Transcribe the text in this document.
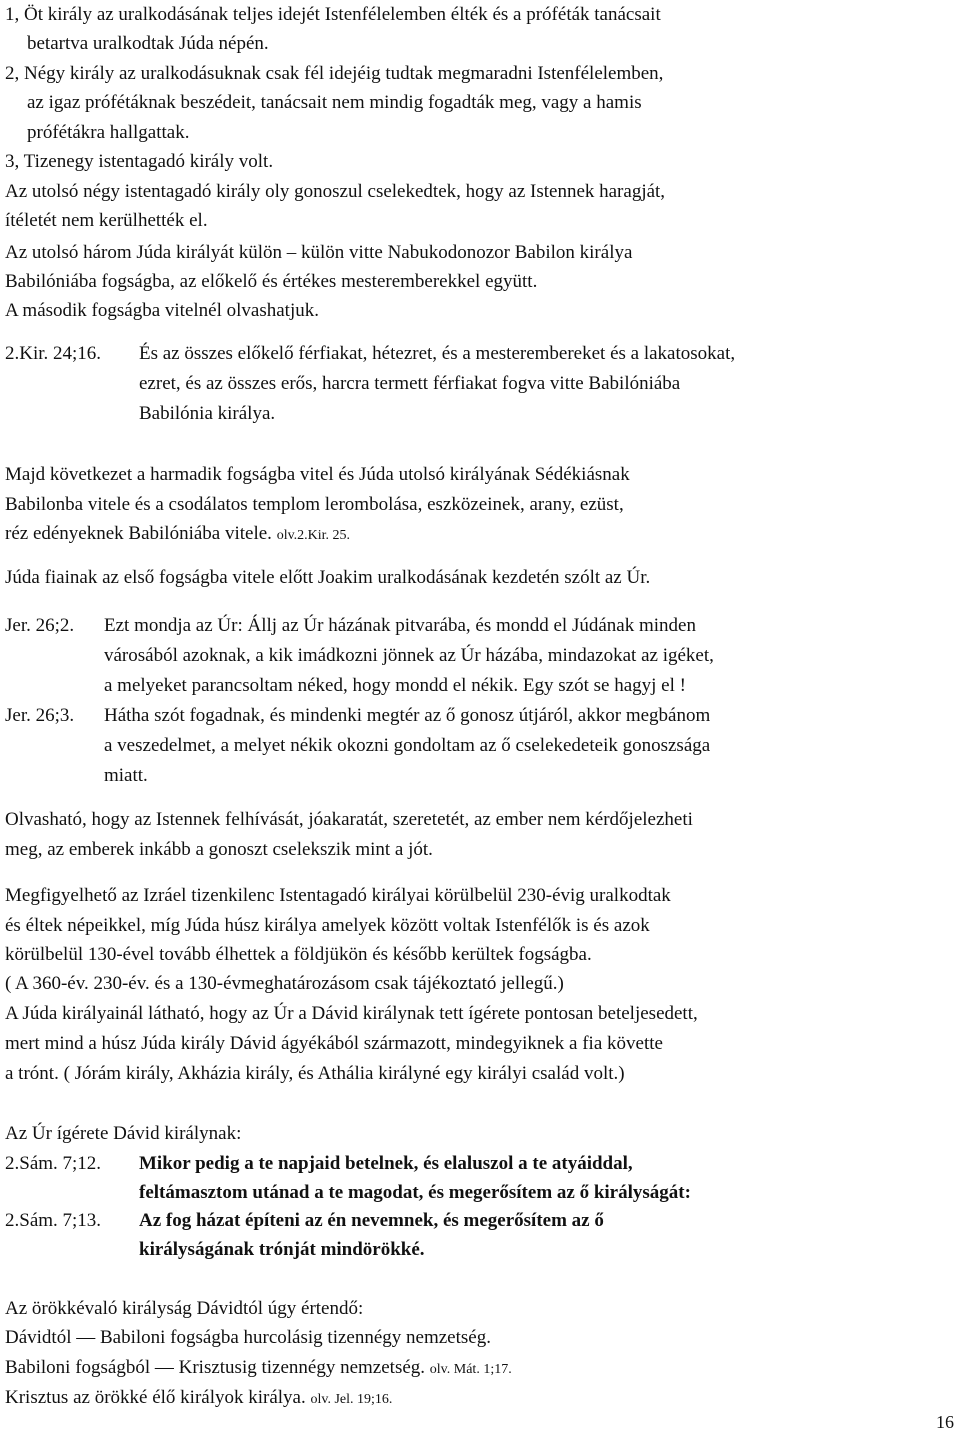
1, Öt király az uralkodásának teljes idejét Istenfélelemben élték és a próféták tanácsait
betartva uralkodtak Júda népén.
2, Négy király az uralkodásuknak csak fél idejéig tudtak megmaradni Istenfélelemben,
az igaz prófétáknak beszédeit, tanácsait nem mindig fogadták meg, vagy a hamis
prófétákra hallgattak.
3, Tizenegy istentagadó király volt.
Az utolsó négy istentagadó király oly gonoszul cselekedtek, hogy az Istennek haragját,
ítéletét nem kerülhették el.
Az utolsó három Júda királyát külön – külön vitte Nabukodonozor Babilon királya
Babilóniába fogságba, az előkelő és értékes mesteremberekkel együtt.
A második fogságba vitelnél olvashatjuk.
2.Kir. 24;16. És az összes előkelő férfiakat, hétezret, és a mesterembereket és a lakatosokat,
ezret, és az összes erős, harcra termett férfiakat fogva vitte Babilóniába
Babilónia királya.
Majd következet a harmadik fogságba vitel és Júda utolsó királyának Sédékiásnak
Babilonba vitele és a csodálatos templom lerombolása, eszközeinek, arany, ezüst,
réz edényeknek Babilóniába vitele. olv.2.Kir. 25.
Júda fiainak az első fogságba vitele előtt Joakim uralkodásának kezdetén szólt az Úr.
Jer. 26;2. Ezt mondja az Úr: Állj az Úr házának pitvarába, és mondd el Júdának minden
városából azoknak, a kik imádkozni jönnek az Úr házába, mindazokat az igéket,
a melyeket parancsoltam néked, hogy mondd el nékik. Egy szót se hagyj el !
Jer. 26;3. Hátha szót fogadnak, és mindenki megtér az ő gonosz útjáról, akkor megbánom
a veszedelmet, a melyet nékik okozni gondoltam az ő cselekedeteik gonoszsága
miatt.
Olvasható, hogy az Istennek felhívását, jóakaratát, szeretetét, az ember nem kérdőjelezheti
meg, az emberek inkább a gonoszt cselekszik mint a jót.
Megfigyelhető az Izráel tizenkilenc Istentagadó királyai körülbelül 230-évig uralkodtak
és éltek népeikkel, míg Júda húsz királya amelyek között voltak Istenfélők is és azok
körülbelül 130-ével tovább élhettek a földjükön és később kerültek fogságba.
( A 360-év. 230-év. és a 130-évmeghatározásom csak tájékoztató jellegű.)
A Júda királyainál látható, hogy az Úr a Dávid királynak tett ígérete pontosan beteljesedett,
mert mind a húsz Júda király Dávid ágyékából származott, mindegyiknek a fia követte
a trónt. ( Jórám király, Akházia király, és Athália királyné egy királyi család volt.)
Az Úr ígérete Dávid királynak:
2.Sám. 7;12. Mikor pedig a te napjaid betelnek, és elaluszol a te atyáiddal,
feltámasztom utánad a te magodat, és megerősítem az ő királyságát:
2.Sám. 7;13. Az fog házat építeni az én nevemnek, és megerősítem az ő
királyságának trónját mindörökké.
Az örökkévaló királyság Dávidtól úgy értendő:
Dávidtól — Babiloni fogságba hurcolásig tizennégy nemzetség.
Babiloni fogságból — Krisztusig tizennégy nemzetség. olv. Mát. 1;17.
Krisztus az örökké élő királyok királya. olv. Jel. 19;16.
16
